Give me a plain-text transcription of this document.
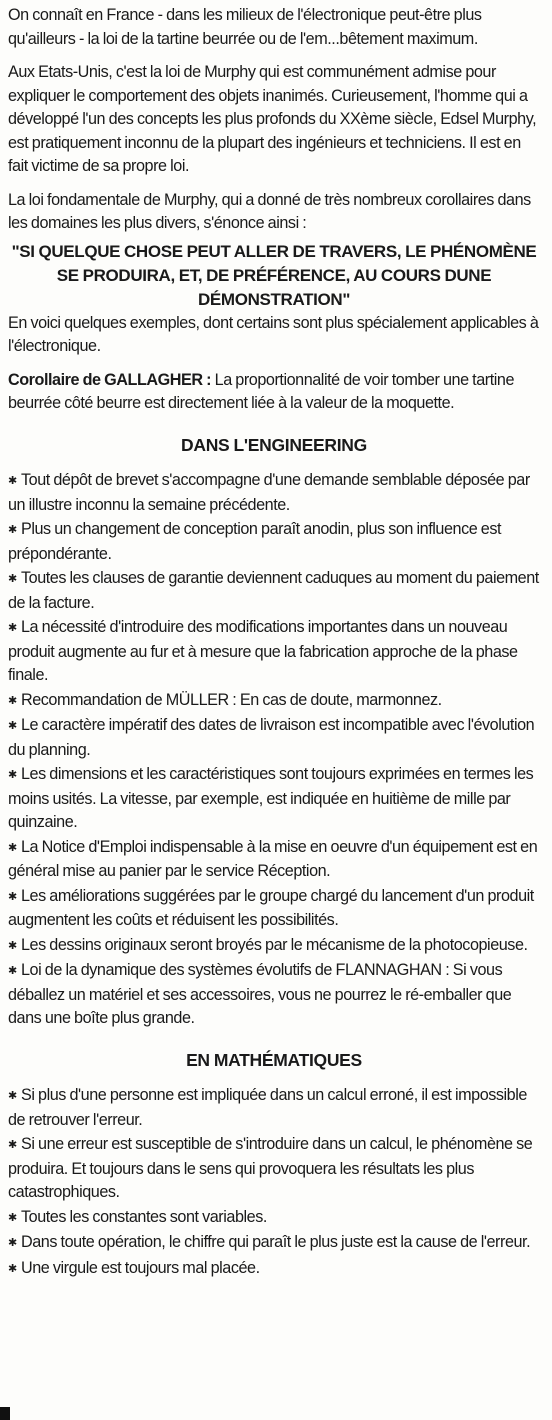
On connaît en France - dans les milieux de l'électronique peut-être plus qu'ailleurs - la loi de la tartine beurrée ou de l'em...bêtement maximum.

Aux Etats-Unis, c'est la loi de Murphy qui est communément admise pour expliquer le comportement des objets inanimés. Curieusement, l'homme qui a développé l'un des concepts les plus profonds du XXème siècle, Edsel Murphy, est pratiquement inconnu de la plupart des ingénieurs et techniciens. Il est en fait victime de sa propre loi.

La loi fondamentale de Murphy, qui a donné de très nombreux corollaires dans les domaines les plus divers, s'énonce ainsi :

"SI QUELQUE CHOSE PEUT ALLER DE TRAVERS, LE PHÉNOMÈNE SE PRODUIRA, ET, DE PRÉFÉRENCE, AU COURS DUNE DÉMONSTRATION"

En voici quelques exemples, dont certains sont plus spécialement applicables à l'électronique.

Corollaire de GALLAGHER : La proportionnalité de voir tomber une tartine beurrée côté beurre est directement liée à la valeur de la moquette.

DANS L'ENGINEERING
✱ Tout dépôt de brevet s'accompagne d'une demande semblable déposée par un illustre inconnu la semaine précédente.
✱ Plus un changement de conception paraît anodin, plus son influence est prépondérante.
✱ Toutes les clauses de garantie deviennent caduques au moment du paiement de la facture.
✱ La nécessité d'introduire des modifications importantes dans un nouveau produit augmente au fur et à mesure que la fabrication approche de la phase finale.
✱ Recommandation de MÜLLER : En cas de doute, marmonnez.
✱ Le caractère impératif des dates de livraison est incompatible avec l'évolution du planning.
✱ Les dimensions et les caractéristiques sont toujours exprimées en termes les moins usités. La vitesse, par exemple, est indiquée en huitième de mille par quinzaine.
✱ La Notice d'Emploi indispensable à la mise en oeuvre d'un équipement est en général mise au panier par le service Réception.
✱ Les améliorations suggérées par le groupe chargé du lancement d'un produit augmentent les coûts et réduisent les possibilités.
✱ Les dessins originaux seront broyés par le mécanisme de la photocopieuse.
✱ Loi de la dynamique des systèmes évolutifs de FLANNAGHAN : Si vous déballez un matériel et ses accessoires, vous ne pourrez le ré-emballer que dans une boîte plus grande.
EN MATHÉMATIQUES
✱ Si plus d'une personne est impliquée dans un calcul erroné, il est impossible de retrouver l'erreur.
✱ Si une erreur est susceptible de s'introduire dans un calcul, le phénomène se produira. Et toujours dans le sens qui provoquera les résultats les plus catastrophiques.
✱ Toutes les constantes sont variables.
✱ Dans toute opération, le chiffre qui paraît le plus juste est la cause de l'erreur.
✱ Une virgule est toujours mal placée.
